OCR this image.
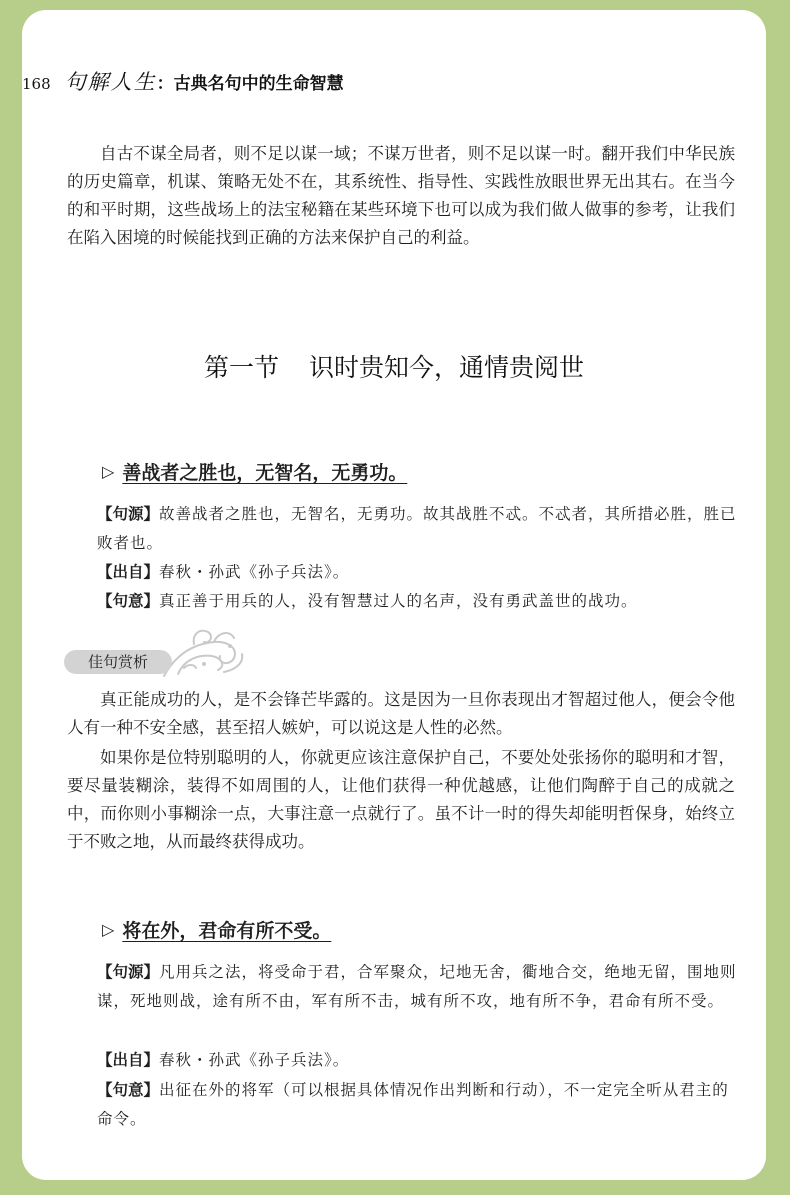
168 句解人生 ：古典名句中的生命智慧

自古不谋全局者，则不足以谋一域；不谋万世者，则不足以谋一时。翻开我们中华民族的历史篇章，机谋、策略无处不在，其系统性、指导性、实践性放眼世界无出其右。在当今的和平时期，这些战场上的法宝秘籍在某些环境下也可以成为我们做人做事的参考，让我们在陷入困境的时候能找到正确的方法来保护自己的利益。

第一节 识时贵知今，通情贵阅世
▷ 善战者之胜也，无智名，无勇功。

【句源】故善战者之胜也，无智名，无勇功。故其战胜不忒。不忒者，其所措必胜，胜已败者也。

【出自】春秋・孙武《孙子兵法》。

【句意】真正善于用兵的人，没有智慧过人的名声，没有勇武盖世的战功。

佳句赏析

真正能成功的人，是不会锋芒毕露的。这是因为一旦你表现出才智超过他人，便会令他人有一种不安全感，甚至招人嫉妒，可以说这是人性的必然。

如果你是位特别聪明的人，你就更应该注意保护自己，不要处处张扬你的聪明和才智，要尽量装糊涂，装得不如周围的人，让他们获得一种优越感，让他们陶醉于自己的成就之中，而你则小事糊涂一点，大事注意一点就行了。虽不计一时的得失却能明哲保身，始终立于不败之地，从而最终获得成功。

▷ 将在外，君命有所不受。

【句源】凡用兵之法，将受命于君，合军聚众，圮地无舍，衢地合交，绝地无留，围地则谋，死地则战，途有所不由，军有所不击，城有所不攻，地有所不争，君命有所不受。

【出自】春秋・孙武《孙子兵法》。

【句意】出征在外的将军（可以根据具体情况作出判断和行动），不一定完全听从君主的命令。
